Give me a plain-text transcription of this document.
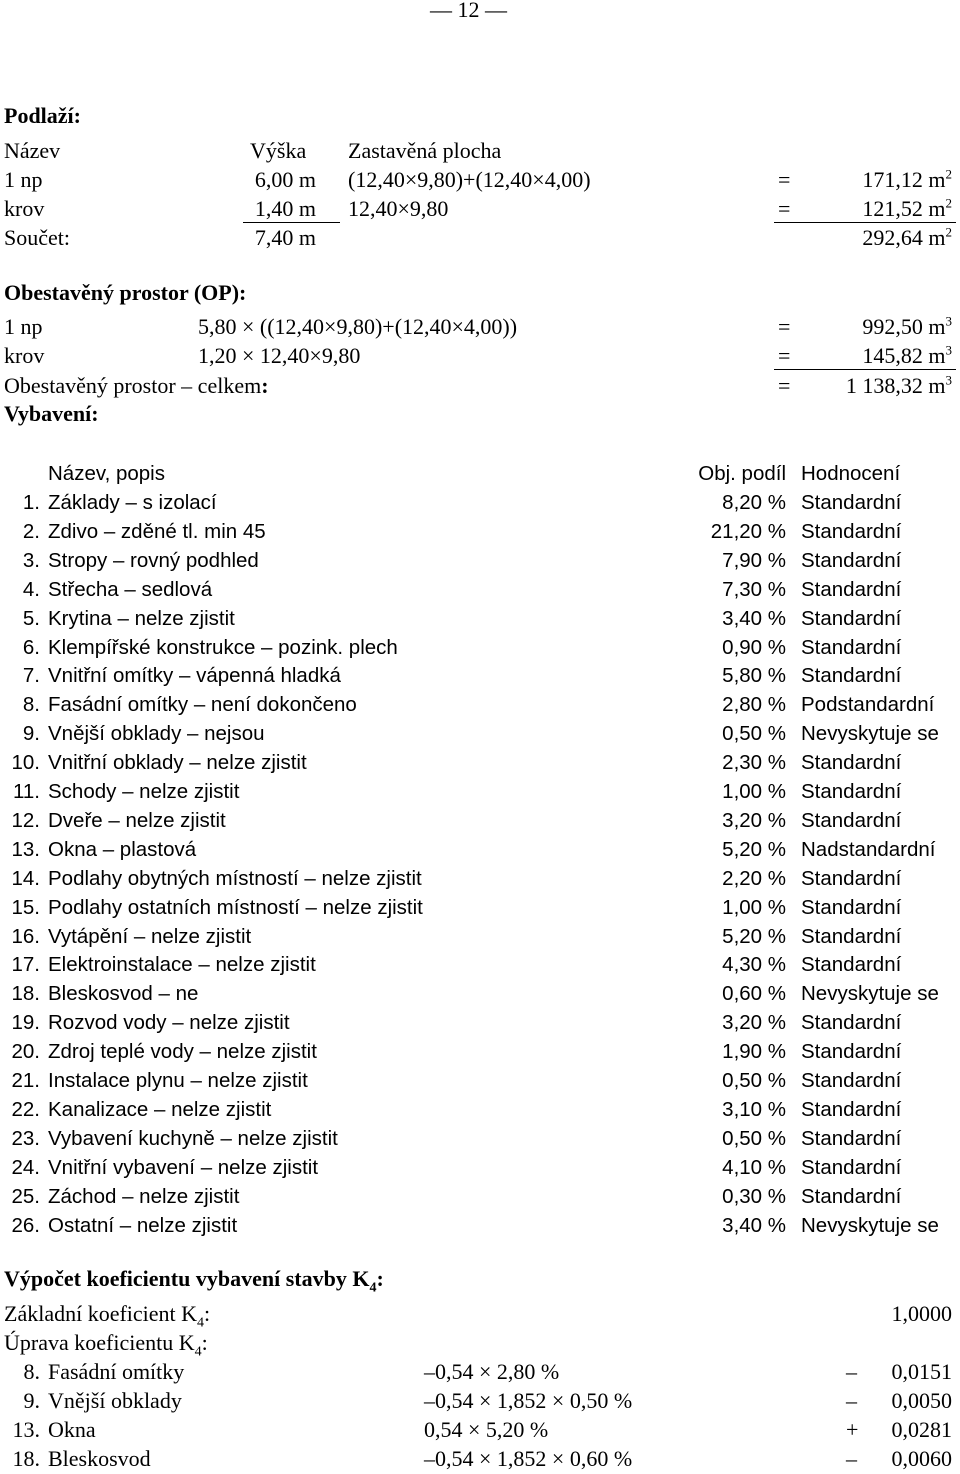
— 12 —
Podlaží:
Název	Výška Zastavěná plocha
1 np	6,00 m (12,40×9,80)+(12,40×4,00)	=	171,12 $m^2$
krov	1,40 m 12,40×9,80	=	121,52 $m^2$
Součet:	7,40 m	292,64 $m^2$
Obestavěný prostor (OP):
1 np	5,80 × ((12,40×9,80)+(12,40×4,00))	=	992,50 $m^3$
krov	1,20 × 12,40×9,80	=	145,82 $m^3$
Obestavěný prostor – celkem:	=	1 138,32 $m^3$
Vybavení:
Název, popis	Obj. podíl Hodnocení
1. Základy – s izolací	8,20 % Standardní
2. Zdivo – zděné tl. min 45	21,20 % Standardní
3. Stropy – rovný podhled	7,90 % Standardní
4. Střecha – sedlová	7,30 % Standardní
5. Krytina – nelze zjistit	3,40 % Standardní
6. Klempířské konstrukce – pozink. plech	0,90 % Standardní
7. Vnitřní omítky – vápenná hladká	5,80 % Standardní
8. Fasádní omítky – není dokončeno	2,80 % Podstandardní
9. Vnější obklady – nejsou	0,50 % Nevyskytuje se
10. Vnitřní obklady – nelze zjistit	2,30 % Standardní
11. Schody – nelze zjistit	1,00 % Standardní
12. Dveře – nelze zjistit	3,20 % Standardní
13. Okna – plastová	5,20 % Nadstandardní
14. Podlahy obytných místností – nelze zjistit	2,20 % Standardní
15. Podlahy ostatních místností – nelze zjistit	1,00 % Standardní
16. Vytápění – nelze zjistit	5,20 % Standardní
17. Elektroinstalace – nelze zjistit	4,30 % Standardní
18. Bleskosvod – ne	0,60 % Nevyskytuje se
19. Rozvod vody – nelze zjistit	3,20 % Standardní
20. Zdroj teplé vody – nelze zjistit	1,90 % Standardní
21. Instalace plynu – nelze zjistit	0,50 % Standardní
22. Kanalizace – nelze zjistit	3,10 % Standardní
23. Vybavení kuchyně – nelze zjistit	0,50 % Standardní
24. Vnitřní vybavení – nelze zjistit	4,10 % Standardní
25. Záchod – nelze zjistit	0,30 % Standardní
26. Ostatní – nelze zjistit	3,40 % Nevyskytuje se
Výpočet koeficientu vybavení stavby $K_4$:
Základní koeficient $K_4$:	1,0000
Úprava koeficientu $K_4$:
8. Fasádní omítky	–0,54 × 2,80 %	–	0,0151
9. Vnější obklady	–0,54 × 1,852 × 0,50 %	–	0,0050
13. Okna	0,54 × 5,20 %	+	0,0281
18. Bleskosvod	–0,54 × 1,852 × 0,60 %	–	0,0060
